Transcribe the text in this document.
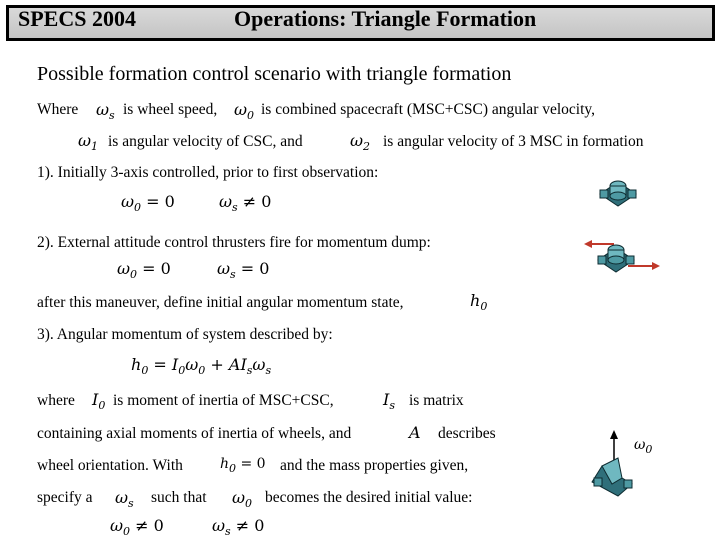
SPECS 2004	Operations: Triangle Formation
Possible formation control scenario with triangle formation
Where $\omega_s$ is wheel speed, $\omega_0$ is combined spacecraft (MSC+CSC) angular velocity,
$\omega_1$ is angular velocity of CSC, and	$\omega_2$ is angular velocity of 3 MSC in formation
1). Initially 3-axis controlled, prior to first observation:
$\omega_0 = 0$	$\omega_s \ne 0$
2). External attitude control thrusters fire for momentum dump:
$\omega_0 = 0$	$\omega_s = 0$
after this maneuver, define initial angular momentum state,	$h_0$
3). Angular momentum of system described by:
$h_0 = I_0\omega_0 + AI_s\omega_s$
where $I_0$ is moment of inertia of MSC+CSC,	$I_s$ is matrix
containing axial moments of inertia of wheels, and	A describes
wheel orientation. With	$h_0 = 0$ and the mass properties given,
specify a $\omega_s$ such that $\omega_0$ becomes the desired initial value:
$\omega_0 \ne 0$	$\omega_s \ne 0$
$\omega_0$
